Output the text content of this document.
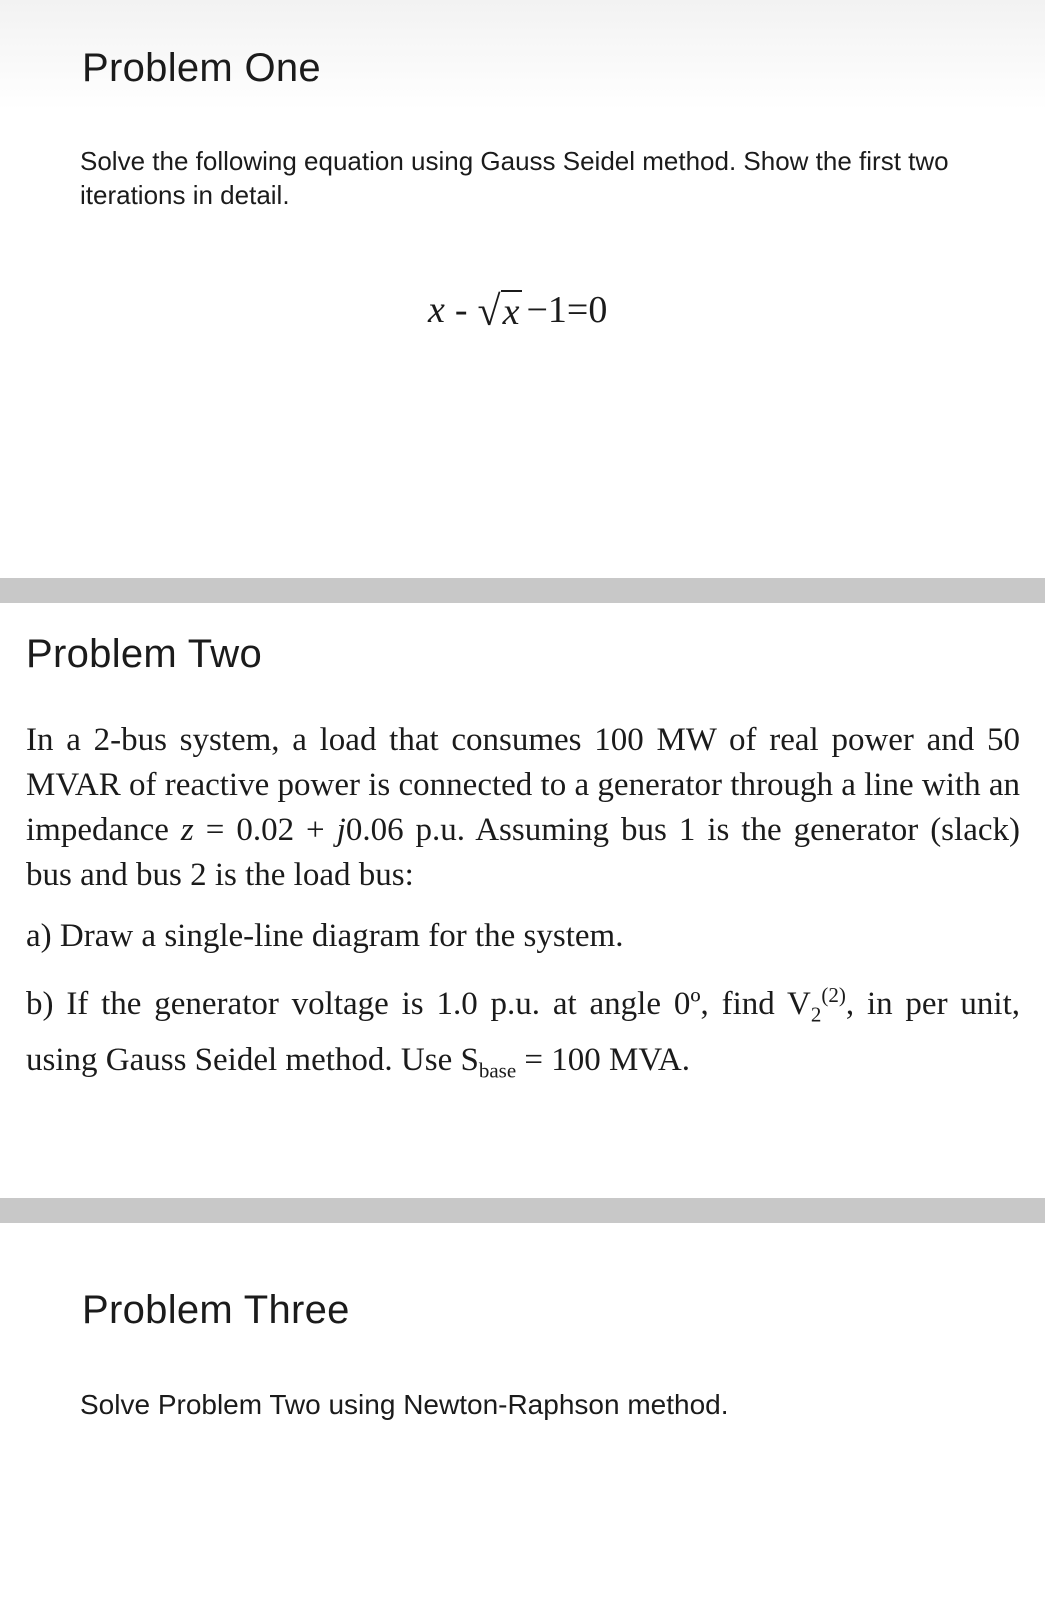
Problem One

Solve the following equation using Gauss Seidel method. Show the first two iterations in detail.

x - √ x − 1 = 0
Problem Two

In a 2-bus system, a load that consumes 100 MW of real power and 50 MVAR of reactive power is connected to a generator through a line with an impedance z = 0.02 + j0.06 p.u. Assuming bus 1 is the generator (slack) bus and bus 2 is the load bus:

a) Draw a single-line diagram for the system.

b) If the generator voltage is 1.0 p.u. at angle 0º, find $V_2^{(2)}$, in per unit, using Gauss Seidel method. Use $S_{base} = 100$ MVA.

Problem Three

Solve Problem Two using Newton-Raphson method.
